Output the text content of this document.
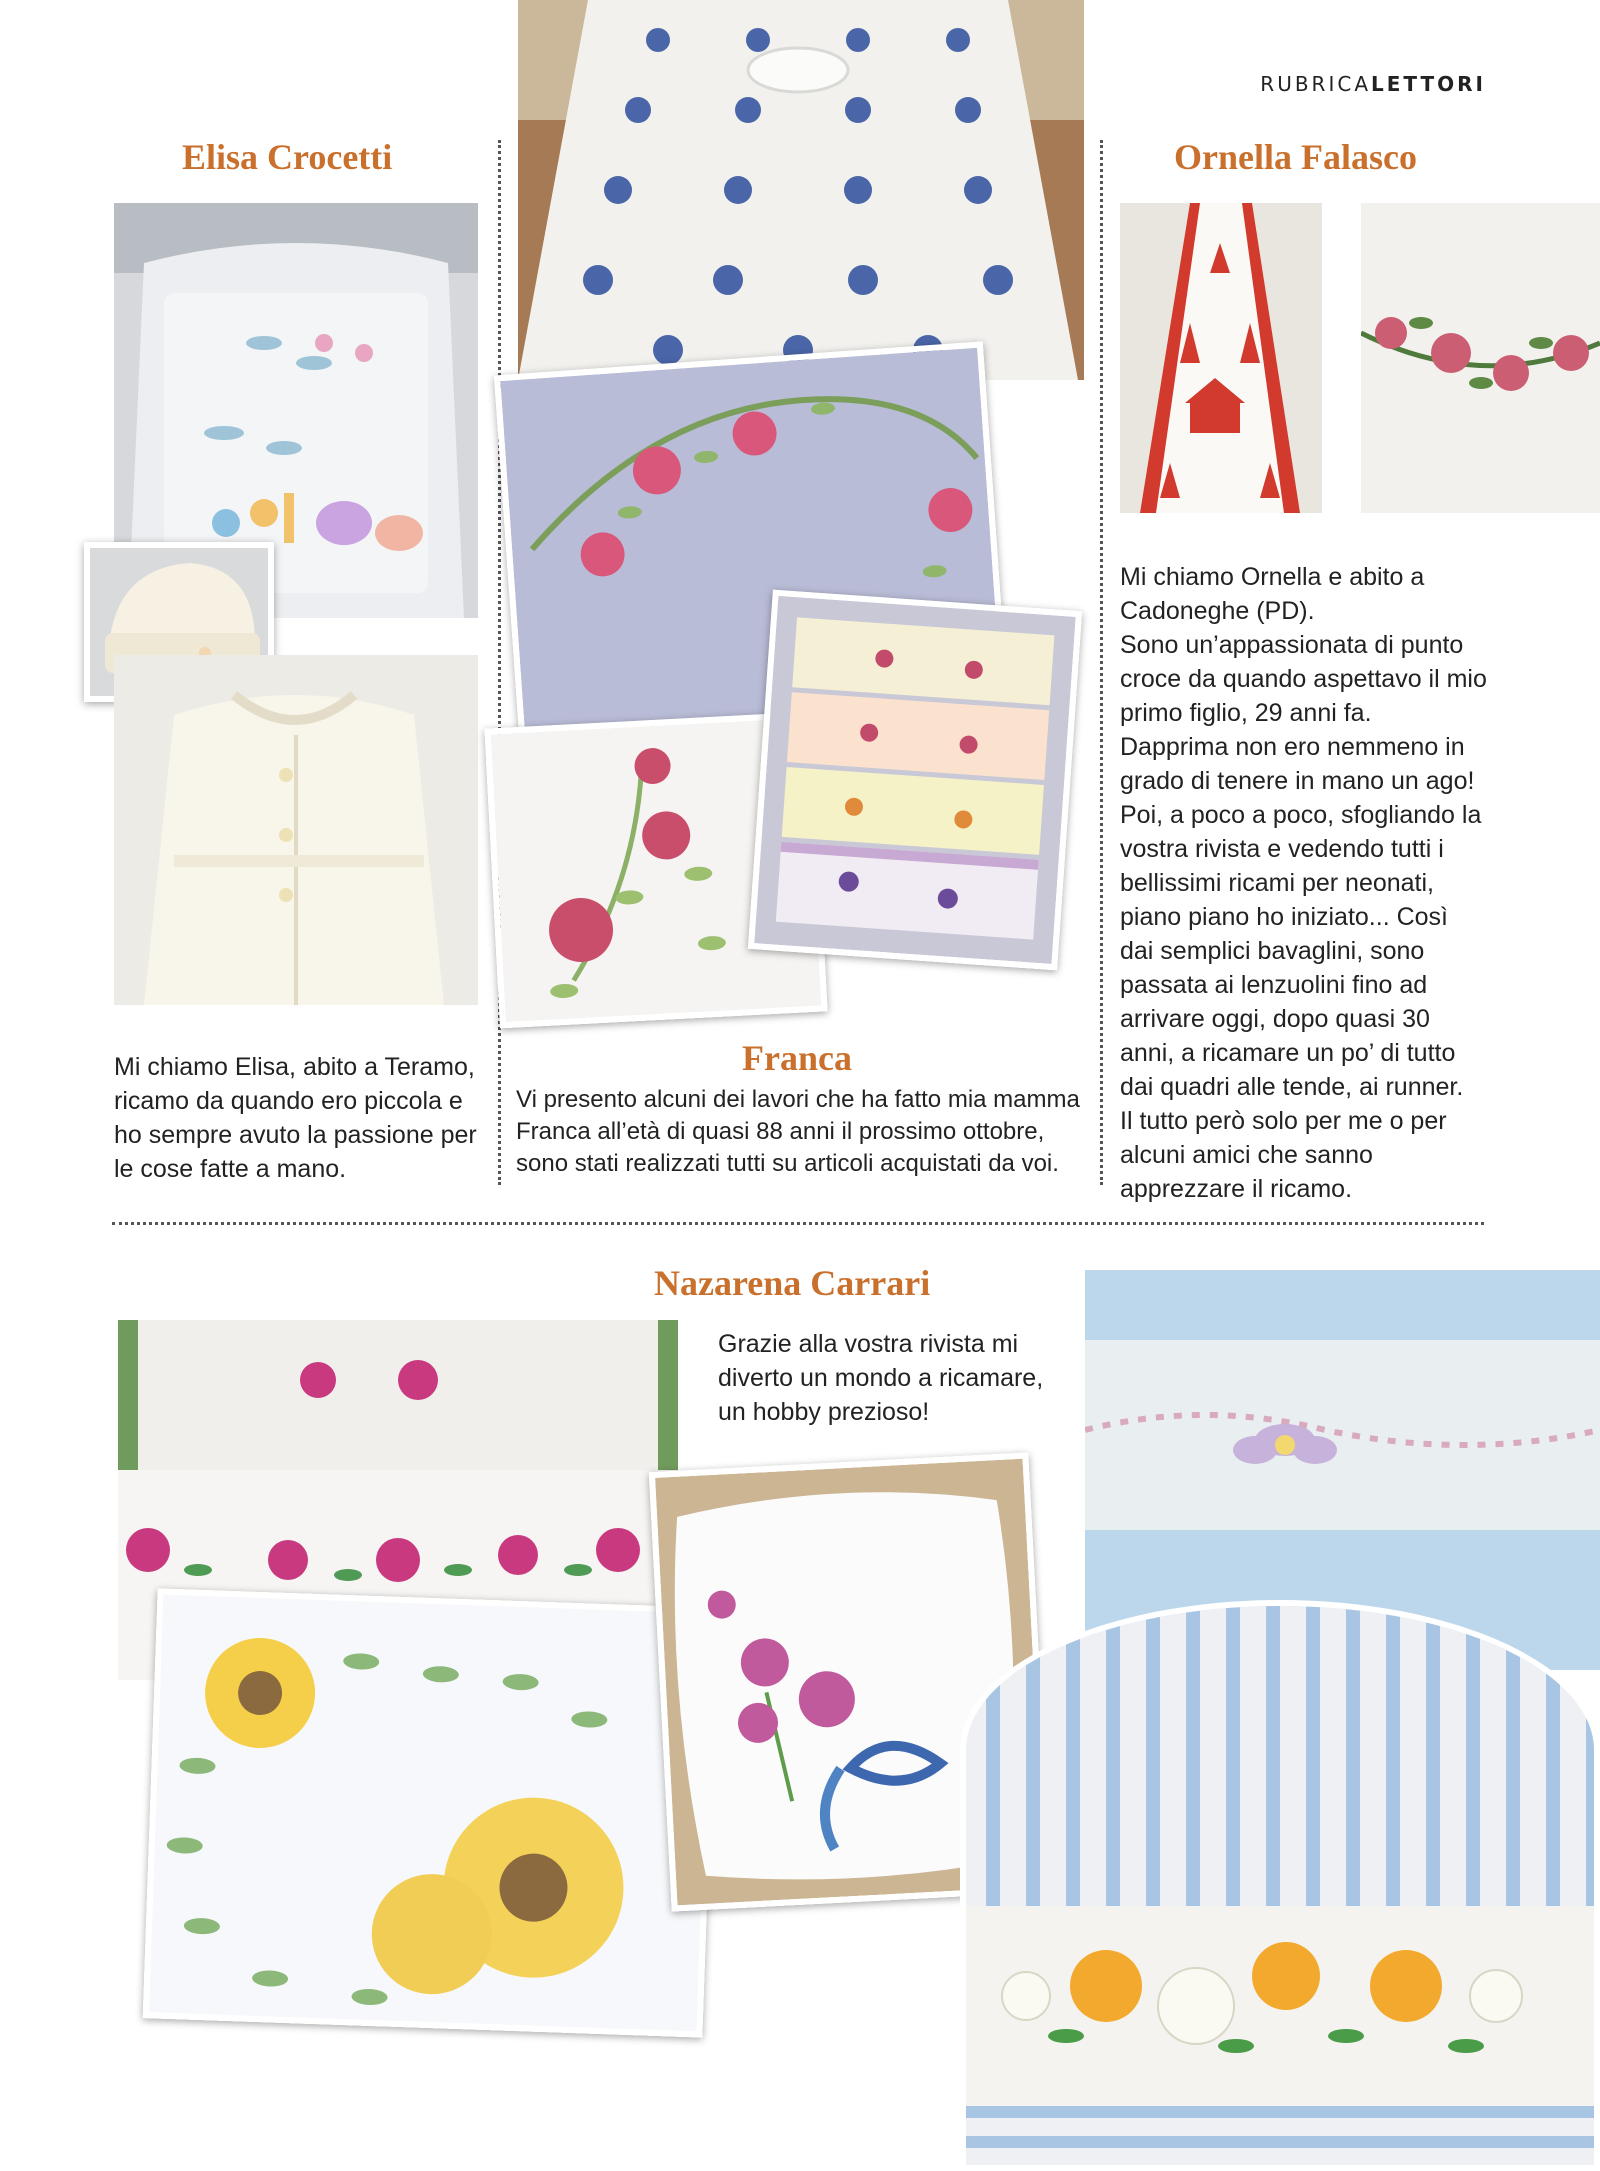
RUBRICALETTORI
Elisa Crocetti
Mi chiamo Elisa, abito a Teramo, ricamo da quando ero piccola e ho sempre avuto la passione per le cose fatte a mano.
Franca
Vi presento alcuni dei lavori che ha fatto mia mamma Franca all’età di quasi 88 anni il prossimo ottobre, sono stati realizzati tutti su articoli acquistati da voi.
Ornella Falasco
Mi chiamo Ornella e abito a Cadoneghe (PD).
Sono un’appassionata di punto croce da quando aspettavo il mio primo figlio, 29 anni fa.
Dapprima non ero nemmeno in grado di tenere in mano un ago! Poi, a poco a poco, sfogliando la vostra rivista e vedendo tutti i bellissimi ricami per neonati, piano piano ho iniziato... Così dai semplici bavaglini, sono passata ai lenzuolini fino ad arrivare oggi, dopo quasi 30 anni, a ricamare un po’ di tutto dai quadri alle tende, ai runner.
Il tutto però solo per me o per alcuni amici che sanno apprezzare il ricamo.
Nazarena Carrari
Grazie alla vostra rivista mi diverto un mondo a ricamare, un hobby prezioso!
